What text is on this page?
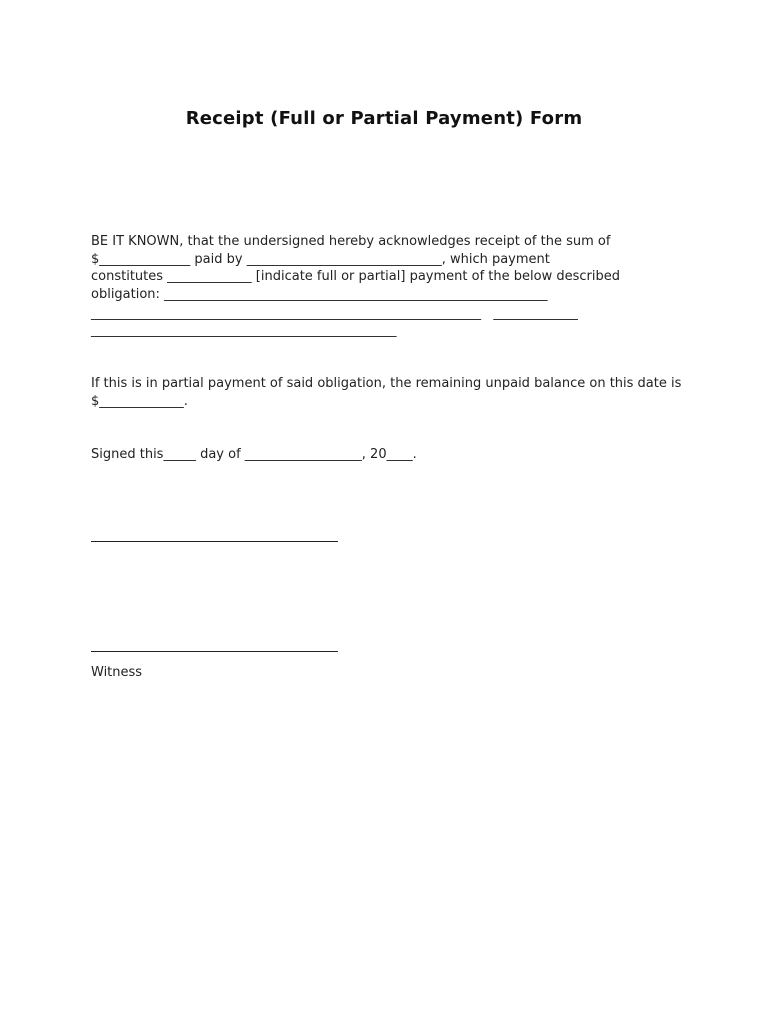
Receipt (Full or Partial Payment) Form
BE IT KNOWN, that the undersigned hereby acknowledges receipt of the sum of
$______________ paid by ______________________________, which payment
constitutes _____________ [indicate full or partial] payment of the below described
obligation: ___________________________________________________________
____________________________________________________________   _____________
_______________________________________________
If this is in partial payment of said obligation, the remaining unpaid balance on this date is
$_____________.
Signed this_____ day of __________________, 20____.
Witness
